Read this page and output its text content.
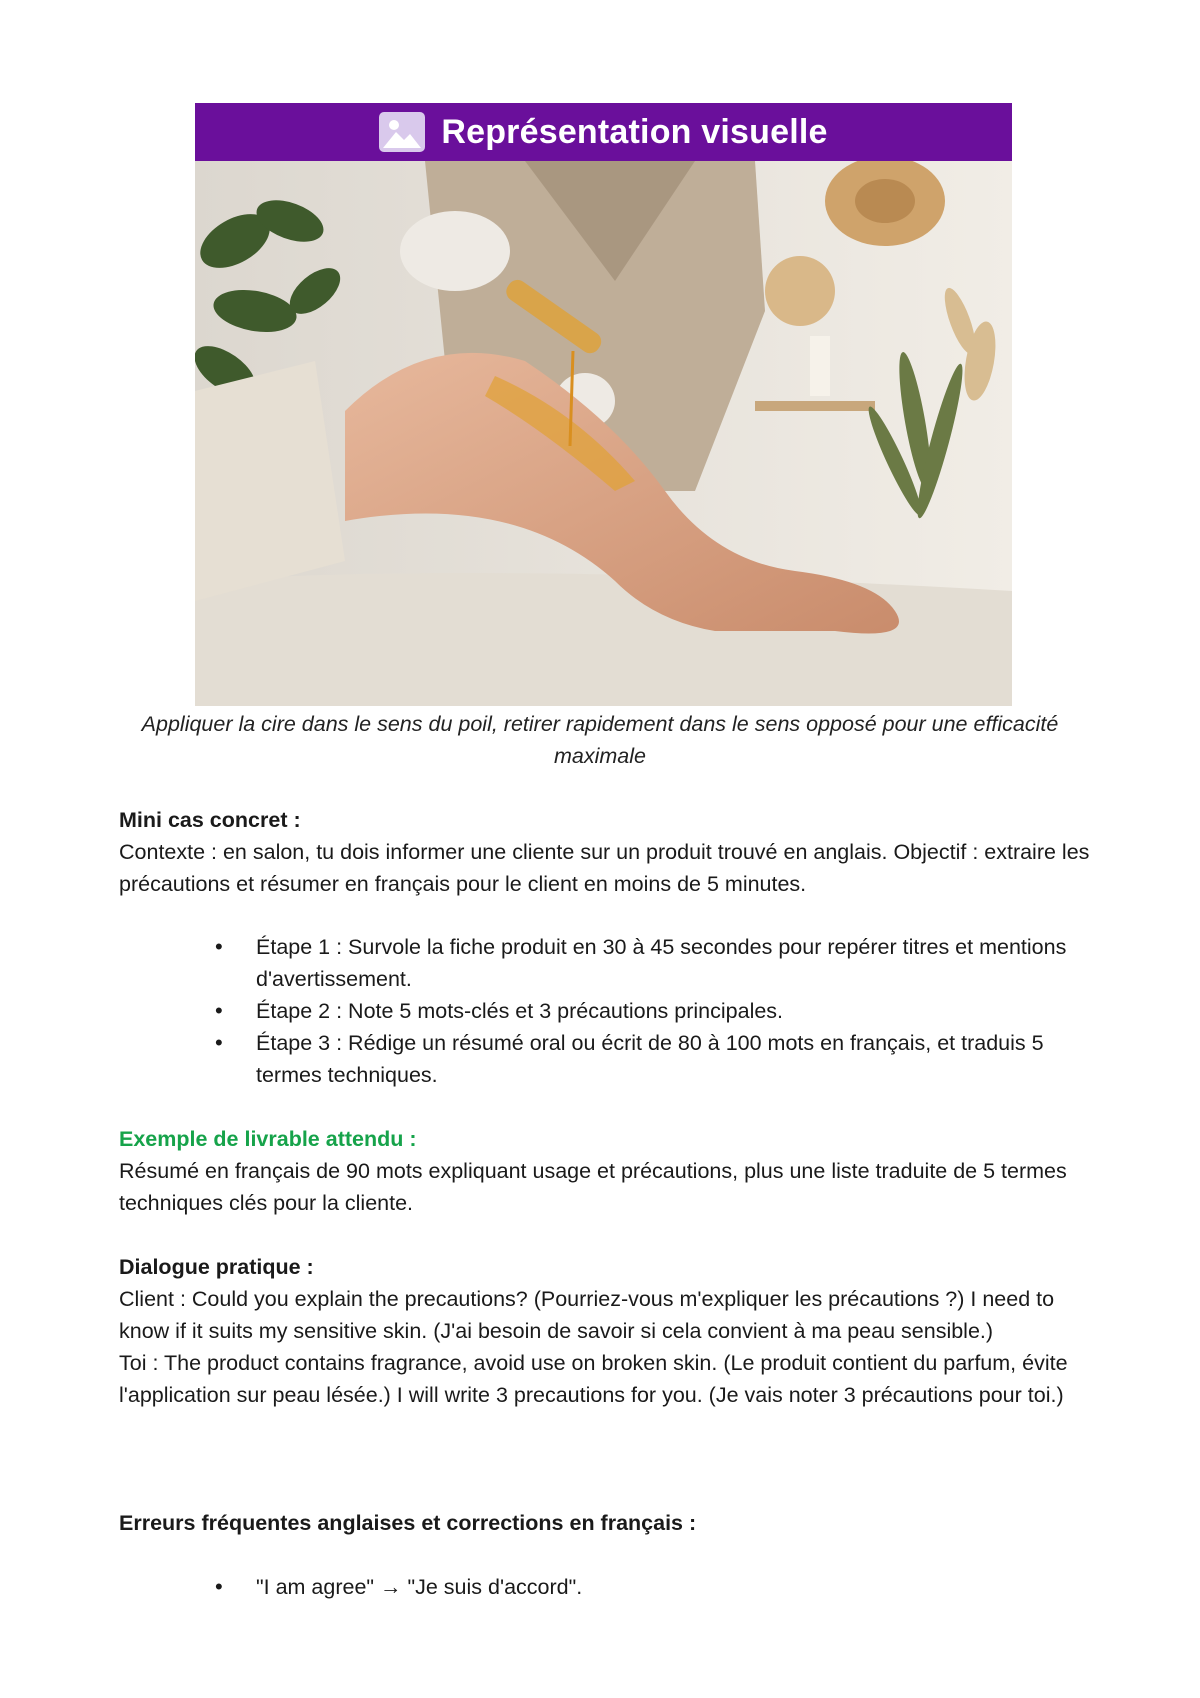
Représentation visuelle
Appliquer la cire dans le sens du poil, retirer rapidement dans le sens opposé pour une efficacité maximale
Mini cas concret :
Contexte : en salon, tu dois informer une cliente sur un produit trouvé en anglais. Objectif : extraire les précautions et résumer en français pour le client en moins de 5 minutes.
• Étape 1 : Survole la fiche produit en 30 à 45 secondes pour repérer titres et mentions d'avertissement.
• Étape 2 : Note 5 mots-clés et 3 précautions principales.
• Étape 3 : Rédige un résumé oral ou écrit de 80 à 100 mots en français, et traduis 5 termes techniques.
Exemple de livrable attendu :
Résumé en français de 90 mots expliquant usage et précautions, plus une liste traduite de 5 termes techniques clés pour la cliente.
Dialogue pratique :
Client : Could you explain the precautions? (Pourriez-vous m'expliquer les précautions ?) I need to know if it suits my sensitive skin. (J'ai besoin de savoir si cela convient à ma peau sensible.)
Toi : The product contains fragrance, avoid use on broken skin. (Le produit contient du parfum, évite l'application sur peau lésée.) I will write 3 precautions for you. (Je vais noter 3 précautions pour toi.)
Erreurs fréquentes anglaises et corrections en français :
• "I am agree" → "Je suis d'accord".
